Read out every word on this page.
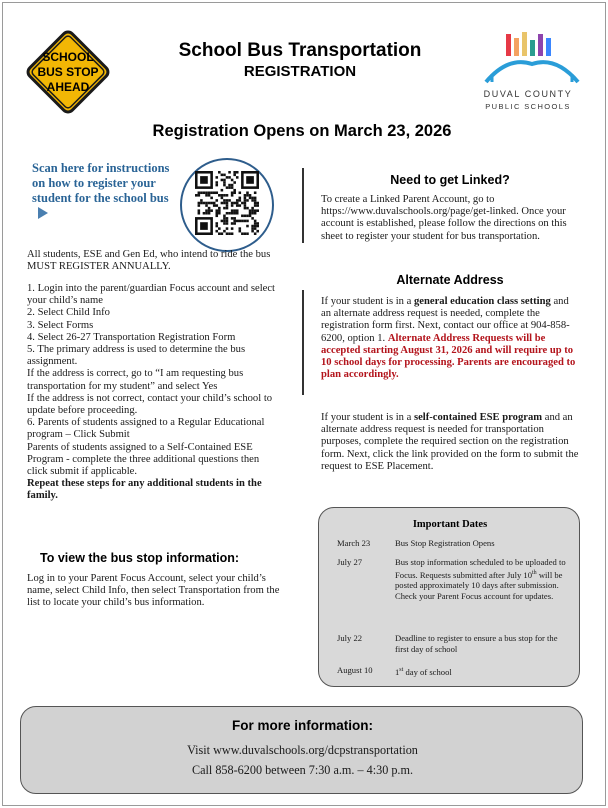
SCHOOL
BUS STOP
AHEAD
School Bus Transportation
REGISTRATION
DUVAL COUNTY
PUBLIC SCHOOLS
Registration Opens on March 23, 2026
Scan here for instructions on how to register your student for the school bus
All students, ESE and Gen Ed, who intend to ride the bus MUST REGISTER ANNUALLY.
1. Login into the parent/guardian Focus account and select your child’s name
2. Select Child Info
3. Select Forms
4. Select 26-27 Transportation Registration Form
5. The primary address is used to determine the bus assignment.
If the address is correct, go to “I am requesting bus transportation for my student” and select Yes
If the address is not correct, contact your child’s school to update before proceeding.
6. Parents of students assigned to a Regular Educational program – Click Submit
Parents of students assigned to a Self-Contained ESE Program - complete the three additional questions then click submit if applicable.
Repeat these steps for any additional students in the family.
To view the bus stop information:
Log in to your Parent Focus Account, select your child’s name, select Child Info, then select Transportation from the list to locate your child’s bus information.
Need to get Linked?
To create a Linked Parent Account, go to https://www.duvalschools.org/page/get-linked. Once your account is established, please follow the directions on this sheet to register your student for bus transportation.
Alternate Address
If your student is in a general education class setting and an alternate address request is needed, complete the registration form first. Next, contact our office at 904-858-6200, option 1. Alternate Address Requests will be accepted starting August 31, 2026 and will require up to 10 school days for processing. Parents are encouraged to plan accordingly.
If your student is in a self-contained ESE program and an alternate address request is needed for transportation purposes, complete the required section on the registration form. Next, click the link provided on the form to submit the request to ESE Placement.
Important Dates
March 23	Bus Stop Registration Opens
July 27	Bus stop information scheduled to be uploaded to Focus. Requests submitted after July 10th will be posted approximately 10 days after submission. Check your Parent Focus account for updates.
July 22	Deadline to register to ensure a bus stop for the first day of school
August 10	1st day of school
For more information:
Visit www.duvalschools.org/dcpstransportation
Call 858-6200 between 7:30 a.m. – 4:30 p.m.
